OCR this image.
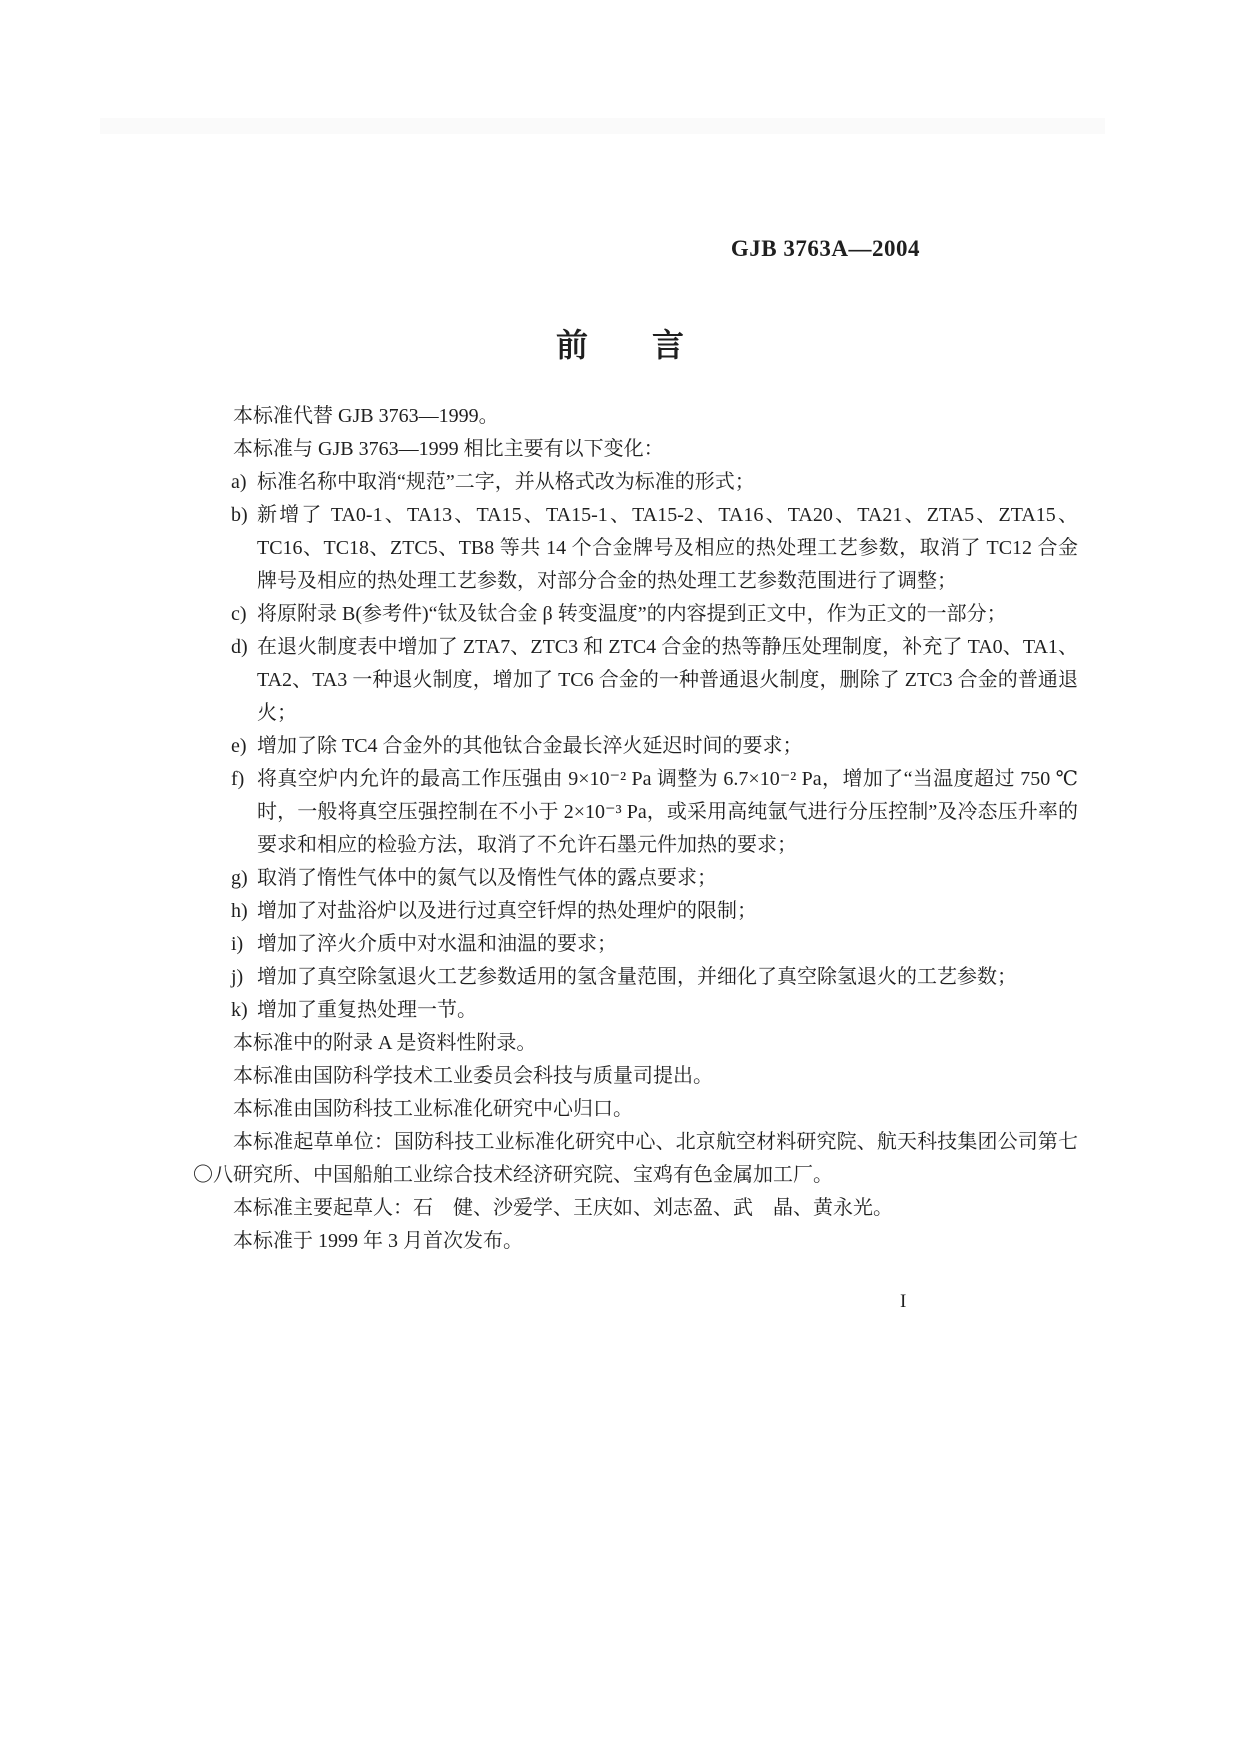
GJB 3763A—2004
前　　言

本标准代替 GJB 3763—1999。

本标准与 GJB 3763—1999 相比主要有以下变化：

a) 标准名称中取消“规范”二字，并从格式改为标准的形式；
b) 新增了 TA0-1、TA13、TA15、TA15-1、TA15-2、TA16、TA20、TA21、ZTA5、ZTA15、TC16、TC18、ZTC5、TB8 等共 14 个合金牌号及相应的热处理工艺参数，取消了 TC12 合金牌号及相应的热处理工艺参数，对部分合金的热处理工艺参数范围进行了调整；
c) 将原附录 B(参考件)“钛及钛合金 β 转变温度”的内容提到正文中，作为正文的一部分；
d) 在退火制度表中增加了 ZTA7、ZTC3 和 ZTC4 合金的热等静压处理制度，补充了 TA0、TA1、TA2、TA3 一种退火制度，增加了 TC6 合金的一种普通退火制度，删除了 ZTC3 合金的普通退火；
e) 增加了除 TC4 合金外的其他钛合金最长淬火延迟时间的要求；
f) 将真空炉内允许的最高工作压强由 9×10⁻² Pa 调整为 6.7×10⁻² Pa，增加了“当温度超过 750 ℃时，一般将真空压强控制在不小于 2×10⁻³ Pa，或采用高纯氩气进行分压控制”及冷态压升率的要求和相应的检验方法，取消了不允许石墨元件加热的要求；
g) 取消了惰性气体中的氮气以及惰性气体的露点要求；
h) 增加了对盐浴炉以及进行过真空钎焊的热处理炉的限制；
i) 增加了淬火介质中对水温和油温的要求；
j) 增加了真空除氢退火工艺参数适用的氢含量范围，并细化了真空除氢退火的工艺参数；
k) 增加了重复热处理一节。

本标准中的附录 A 是资料性附录。

本标准由国防科学技术工业委员会科技与质量司提出。

本标准由国防科技工业标准化研究中心归口。

本标准起草单位：国防科技工业标准化研究中心、北京航空材料研究院、航天科技集团公司第七〇八研究所、中国船舶工业综合技术经济研究院、宝鸡有色金属加工厂。

本标准主要起草人：石　健、沙爱学、王庆如、刘志盈、武　晶、黄永光。

本标准于 1999 年 3 月首次发布。

I
